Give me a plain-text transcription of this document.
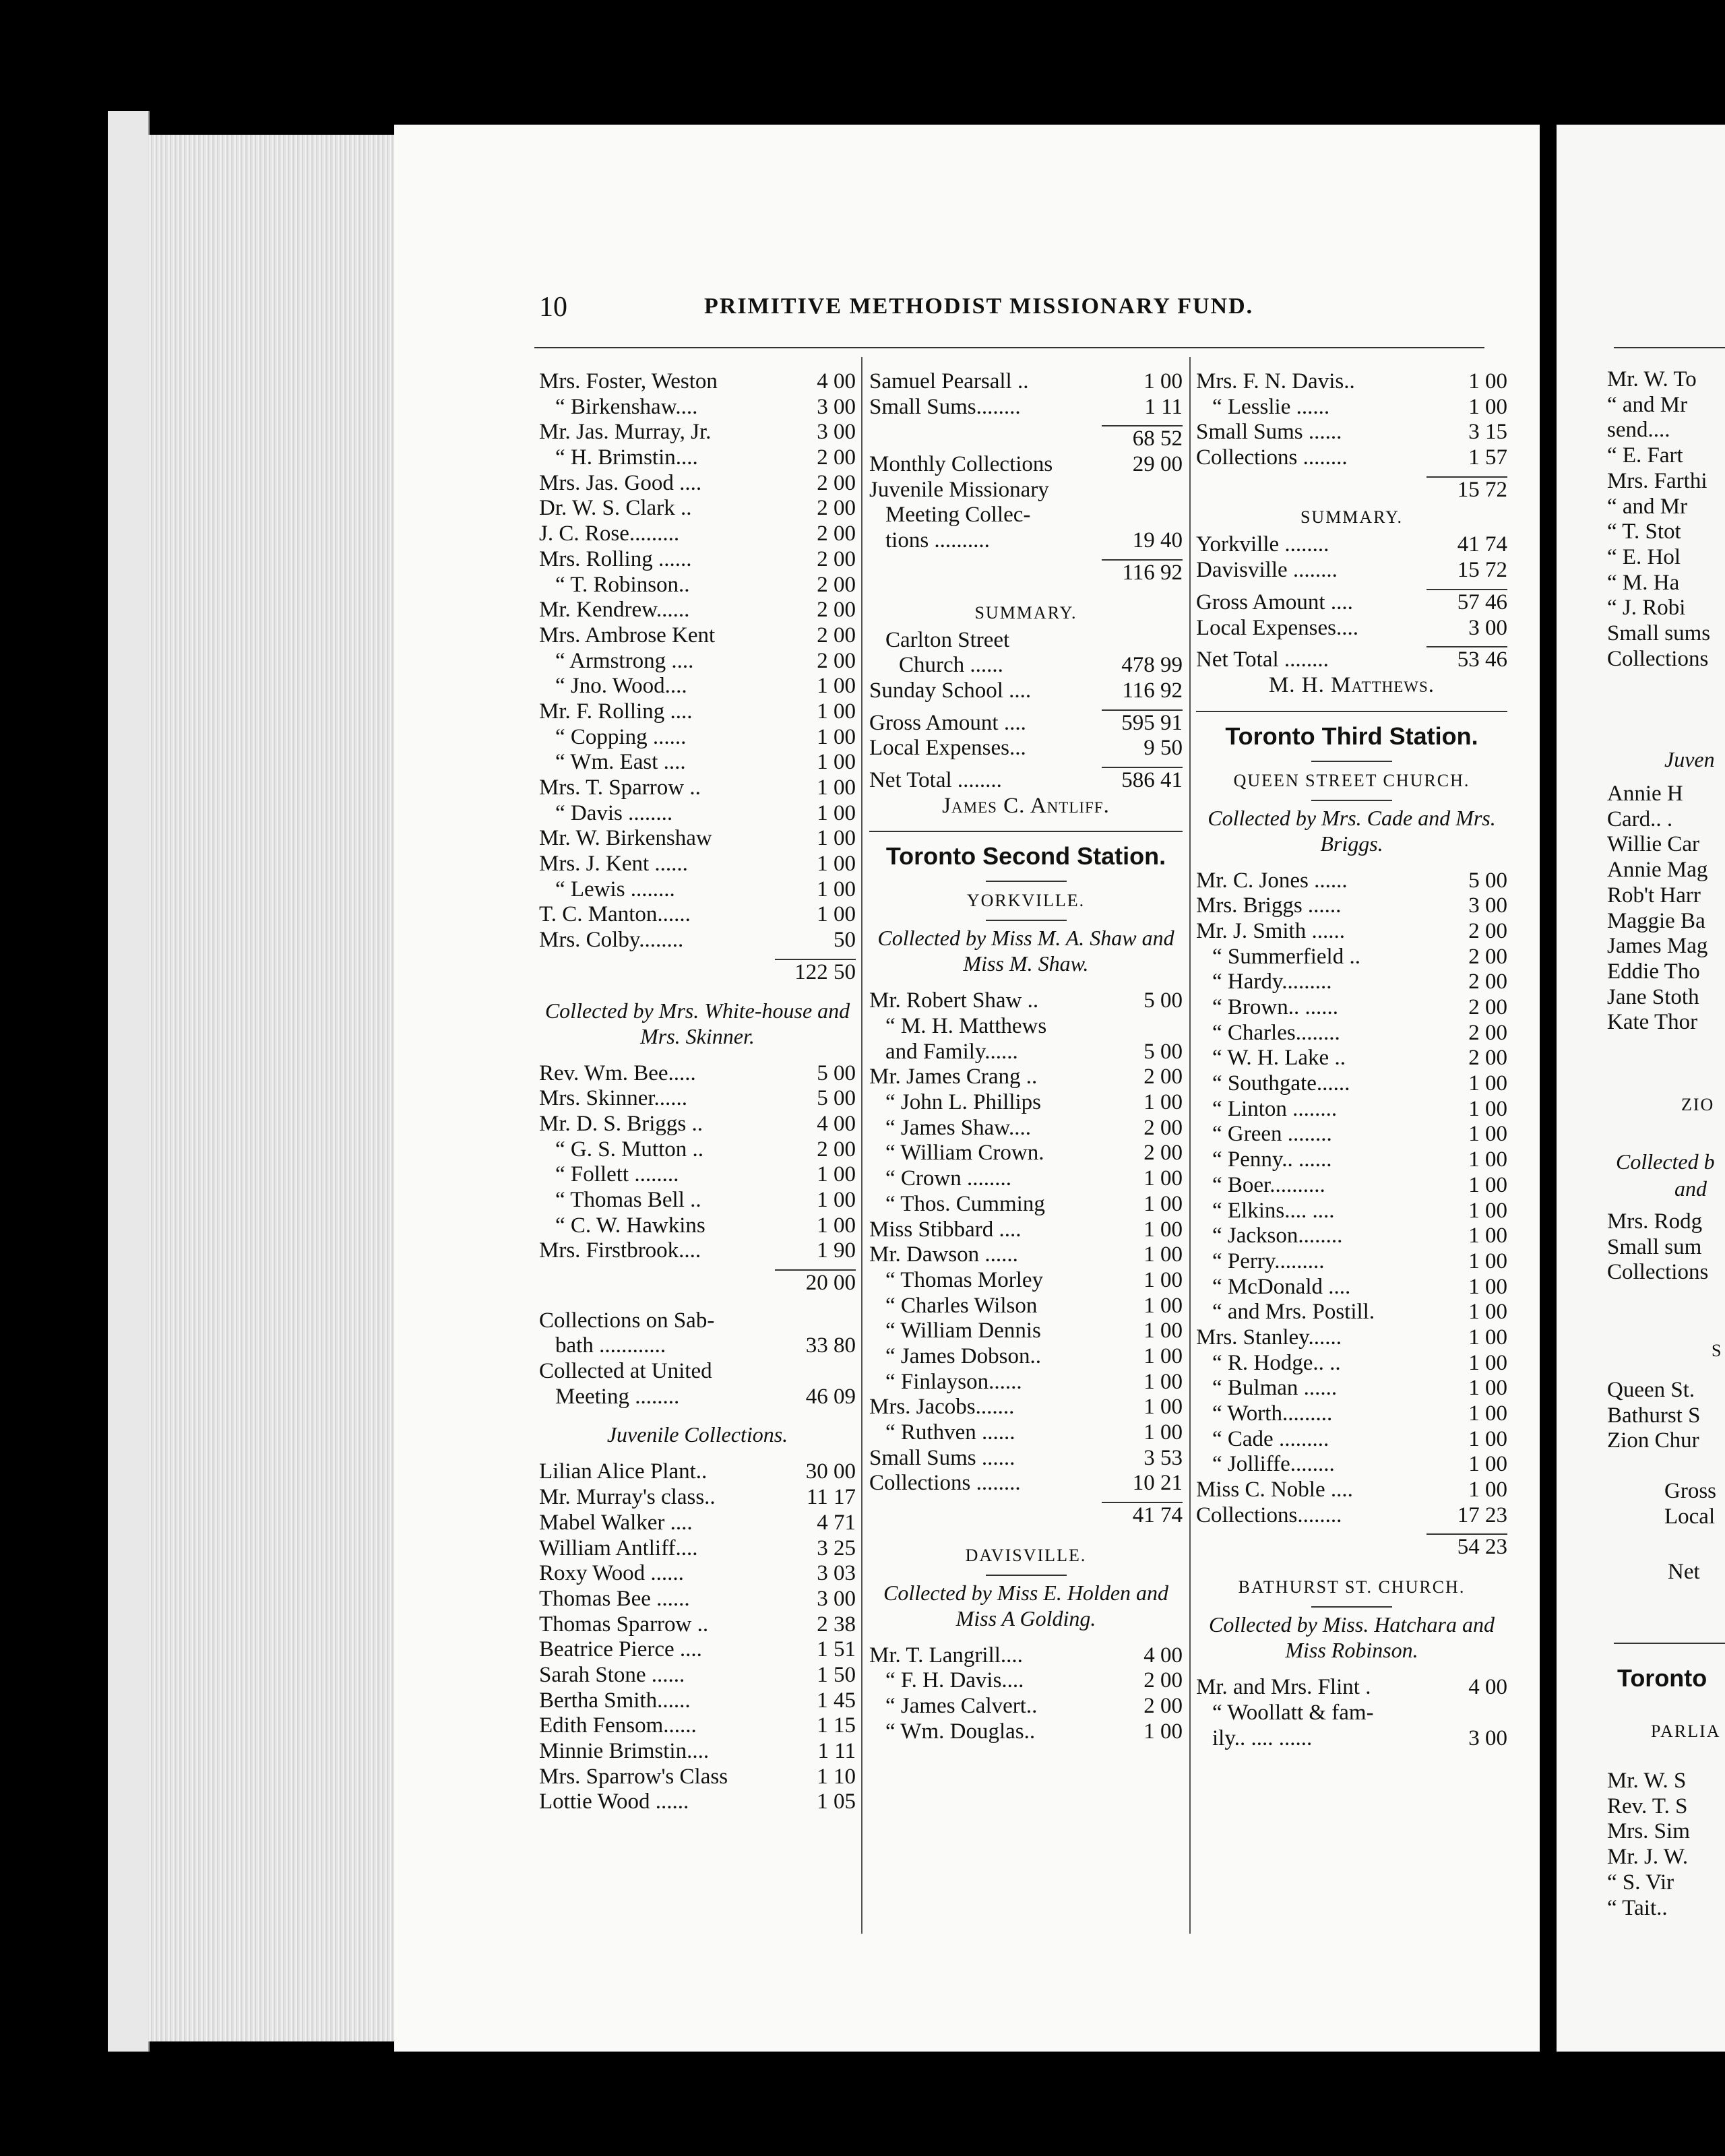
10	PRIMITIVE METHODIST MISSIONARY FUND.
Mrs. Foster, Weston	4 00
“ Birkenshaw....	3 00
Mr. Jas. Murray, Jr.	3 00
“ H. Brimstin....	2 00
Mrs. Jas. Good ....	2 00
Dr. W. S. Clark ..	2 00
J. C. Rose.........	2 00
Mrs. Rolling ......	2 00
“ T. Robinson..	2 00
Mr. Kendrew......	2 00
Mrs. Ambrose Kent	2 00
“ Armstrong ....	2 00
“ Jno. Wood....	1 00
Mr. F. Rolling ....	1 00
“ Copping ......	1 00
“ Wm. East ....	1 00
Mrs. T. Sparrow ..	1 00
“ Davis ........	1 00
Mr. W. Birkenshaw	1 00
Mrs. J. Kent ......	1 00
“ Lewis ........	1 00
T. C. Manton......	1 00
Mrs. Colby........	50
122 50
Collected by Mrs. White-house and Mrs. Skinner.
Rev. Wm. Bee.....	5 00
Mrs. Skinner......	5 00
Mr. D. S. Briggs ..	4 00
“ G. S. Mutton ..	2 00
“ Follett ........	1 00
“ Thomas Bell ..	1 00
“ C. W. Hawkins	1 00
Mrs. Firstbrook....	1 90
20 00
Collections on Sab-
bath ............	33 80
Collected at United
Meeting ........	46 09
Juvenile Collections.
Lilian Alice Plant..	30 00
Mr. Murray's class..	11 17
Mabel Walker ....	4 71
William Antliff....	3 25
Roxy Wood ......	3 03
Thomas Bee ......	3 00
Thomas Sparrow ..	2 38
Beatrice Pierce ....	1 51
Sarah Stone ......	1 50
Bertha Smith......	1 45
Edith Fensom......	1 15
Minnie Brimstin....	1 11
Mrs. Sparrow's Class	1 10
Lottie Wood ......	1 05
Samuel Pearsall ..	1 00
Small Sums........	1 11
68 52
Monthly Collections	29 00
Juvenile Missionary
Meeting Collec-
tions ..........	19 40
116 92
SUMMARY.
Carlton Street
Church ......	478 99
Sunday School ....	116 92
Gross Amount ....	595 91
Local Expenses...	9 50
Net Total ........	586 41
James C. Antliff.
Toronto Second Station.
YORKVILLE.
Collected by Miss M. A. Shaw and Miss M. Shaw.
Mr. Robert Shaw ..	5 00
“ M. H. Matthews
and Family......	5 00
Mr. James Crang ..	2 00
“ John L. Phillips	1 00
“ James Shaw....	2 00
“ William Crown.	2 00
“ Crown ........	1 00
“ Thos. Cumming	1 00
Miss Stibbard ....	1 00
Mr. Dawson ......	1 00
“ Thomas Morley	1 00
“ Charles Wilson	1 00
“ William Dennis	1 00
“ James Dobson..	1 00
“ Finlayson......	1 00
Mrs. Jacobs.......	1 00
“ Ruthven ......	1 00
Small Sums ......	3 53
Collections ........	10 21
41 74
DAVISVILLE.
Collected by Miss E. Holden and Miss A Golding.
Mr. T. Langrill....	4 00
“ F. H. Davis....	2 00
“ James Calvert..	2 00
“ Wm. Douglas..	1 00
Mrs. F. N. Davis..	1 00
“ Lesslie ......	1 00
Small Sums ......	3 15
Collections ........	1 57
15 72
SUMMARY.
Yorkville ........	41 74
Davisville ........	15 72
Gross Amount ....	57 46
Local Expenses....	3 00
Net Total ........	53 46
M. H. Matthews.
Toronto Third Station.
QUEEN STREET CHURCH.
Collected by Mrs. Cade and Mrs. Briggs.
Mr. C. Jones ......	5 00
Mrs. Briggs ......	3 00
Mr. J. Smith ......	2 00
“ Summerfield ..	2 00
“ Hardy.........	2 00
“ Brown.. ......	2 00
“ Charles........	2 00
“ W. H. Lake ..	2 00
“ Southgate......	1 00
“ Linton ........	1 00
“ Green ........	1 00
“ Penny.. ......	1 00
“ Boer..........	1 00
“ Elkins.... ....	1 00
“ Jackson........	1 00
“ Perry.........	1 00
“ McDonald ....	1 00
“ and Mrs. Postill.	1 00
Mrs. Stanley......	1 00
“ R. Hodge.. ..	1 00
“ Bulman ......	1 00
“ Worth.........	1 00
“ Cade .........	1 00
“ Jolliffe........	1 00
Miss C. Noble ....	1 00
Collections........	17 23
54 23
BATHURST ST. CHURCH.
Collected by Miss. Hatchara and Miss Robinson.
Mr. and Mrs. Flint .	4 00
“ Woollatt & fam-
ily.. .... ......	3 00
Mr. W. To
“ and Mr
send....
“ E. Fart
Mrs. Farthi
“ and Mr
“ T. Stot
“ E. Hol
“ M. Ha
“ J. Robi
Small sums
Collections
Juven
Annie H
Card.. .
Willie Car
Annie Mag
Rob't Harr
Maggie Ba
James Mag
Eddie Tho
Jane Stoth
Kate Thor
ZIO
Collected b
and
Mrs. Rodg
Small sum
Collections
S
Queen St.
Bathurst S
Zion Chur
Gross
Local
Net
Toronto
PARLIA
Mr. W. S
Rev. T. S
Mrs. Sim
Mr. J. W.
“ S. Vir
“ Tait..
